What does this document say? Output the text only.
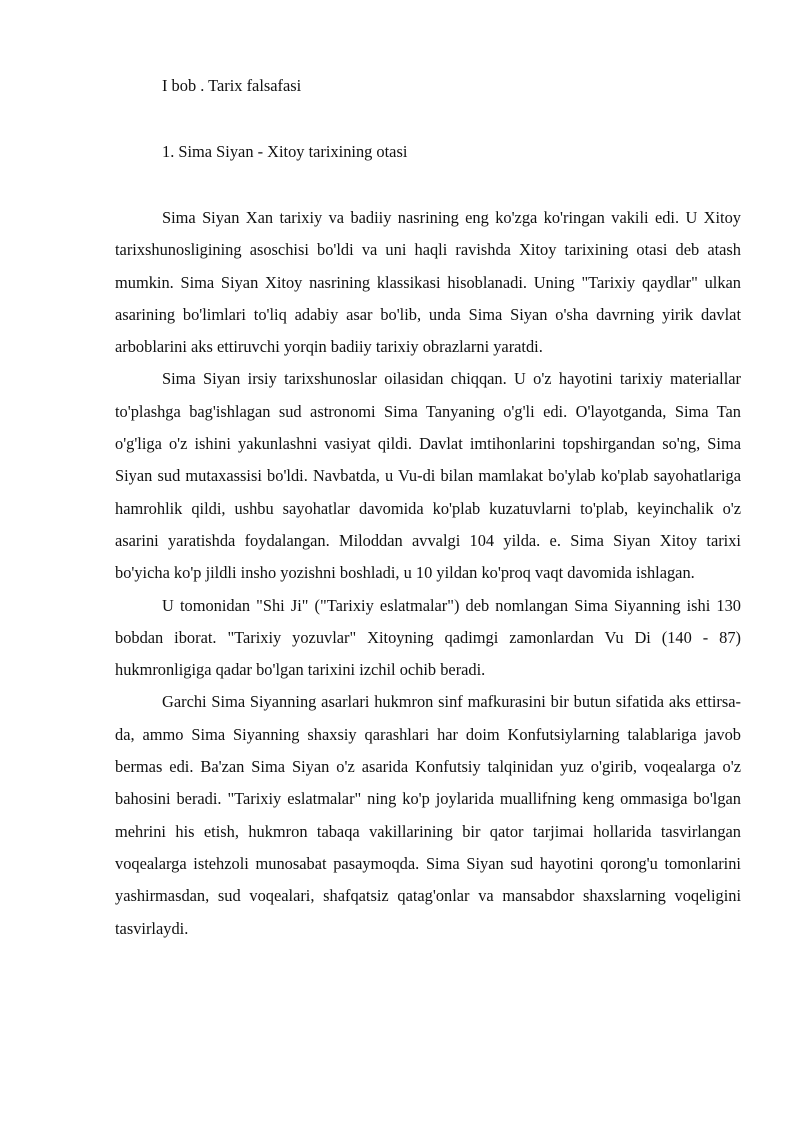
I bob . Tarix falsafasi
1. Sima Siyan - Xitoy tarixining otasi

Sima Siyan Xan tarixiy va badiiy nasrining eng ko'zga ko'ringan vakili edi. U Xitoy tarixshunosligining asoschisi bo'ldi va uni haqli ravishda Xitoy tarixining otasi deb atash mumkin. Sima Siyan Xitoy nasrining klassikasi hisoblanadi. Uning "Tarixiy qaydlar" ulkan asarining bo'limlari to'liq adabiy asar bo'lib, unda Sima Siyan o'sha davrning yirik davlat arboblarini aks ettiruvchi yorqin badiiy tarixiy obrazlarni yaratdi.

Sima Siyan irsiy tarixshunoslar oilasidan chiqqan. U o'z hayotini tarixiy materiallar to'plashga bag'ishlagan sud astronomi Sima Tanyaning o'g'li edi. O'layotganda, Sima Tan o'g'liga o'z ishini yakunlashni vasiyat qildi. Davlat imtihonlarini topshirgandan so'ng, Sima Siyan sud mutaxassisi bo'ldi. Navbatda, u Vu-di bilan mamlakat bo'ylab ko'plab sayohatlariga hamrohlik qildi, ushbu sayohatlar davomida ko'plab kuzatuvlarni to'plab, keyinchalik o'z asarini yaratishda foydalangan. Miloddan avvalgi 104 yilda. e. Sima Siyan Xitoy tarixi bo'yicha ko'p jildli insho yozishni boshladi, u 10 yildan ko'proq vaqt davomida ishlagan.

U tomonidan "Shi Ji" ("Tarixiy eslatmalar") deb nomlangan Sima Siyanning ishi 130 bobdan iborat. "Tarixiy yozuvlar" Xitoyning qadimgi zamonlardan Vu Di (140 - 87) hukmronligiga qadar bo'lgan tarixini izchil ochib beradi.

Garchi Sima Siyanning asarlari hukmron sinf mafkurasini bir butun sifatida aks ettirsa-da, ammo Sima Siyanning shaxsiy qarashlari har doim Konfutsiylarning talablariga javob bermas edi. Ba'zan Sima Siyan o'z asarida Konfutsiy talqinidan yuz o'girib, voqealarga o'z bahosini beradi. "Tarixiy eslatmalar" ning ko'p joylarida muallifning keng ommasiga bo'lgan mehrini his etish, hukmron tabaqa vakillarining bir qator tarjimai hollarida tasvirlangan voqealarga istehzoli munosabat pasaymoqda. Sima Siyan sud hayotini qorong'u tomonlarini yashirmasdan, sud voqealari, shafqatsiz qatag'onlar va mansabdor shaxslarning voqeligini tasvirlaydi.
